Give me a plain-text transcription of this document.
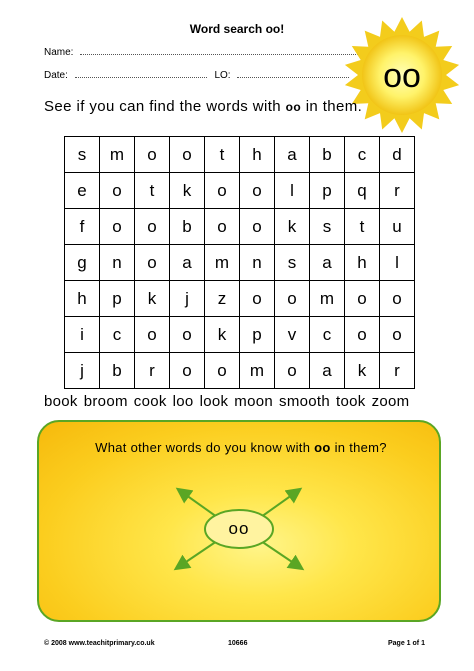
Word search oo!
Name:
Date:	LO:	oo
See if you can find the words with oo in them.
s	m	o	o	t	h	a	b	c	d
e	o	t	k	o	o	l	p	q	r
f	o	o	b	o	o	k	s	t	u
g	n	o	a	m	n	s	a	h	l
h	p	k	j	z	o	o	m	o	o
i	c	o	o	k	p	v	c	o	o
j	b	r	o	o	m	o	a	k	r
book broom cook loo look moon smooth took zoom
What other words do you know with oo in them?
oo
© 2008 www.teachitprimary.co.uk	10666	Page 1 of 1
